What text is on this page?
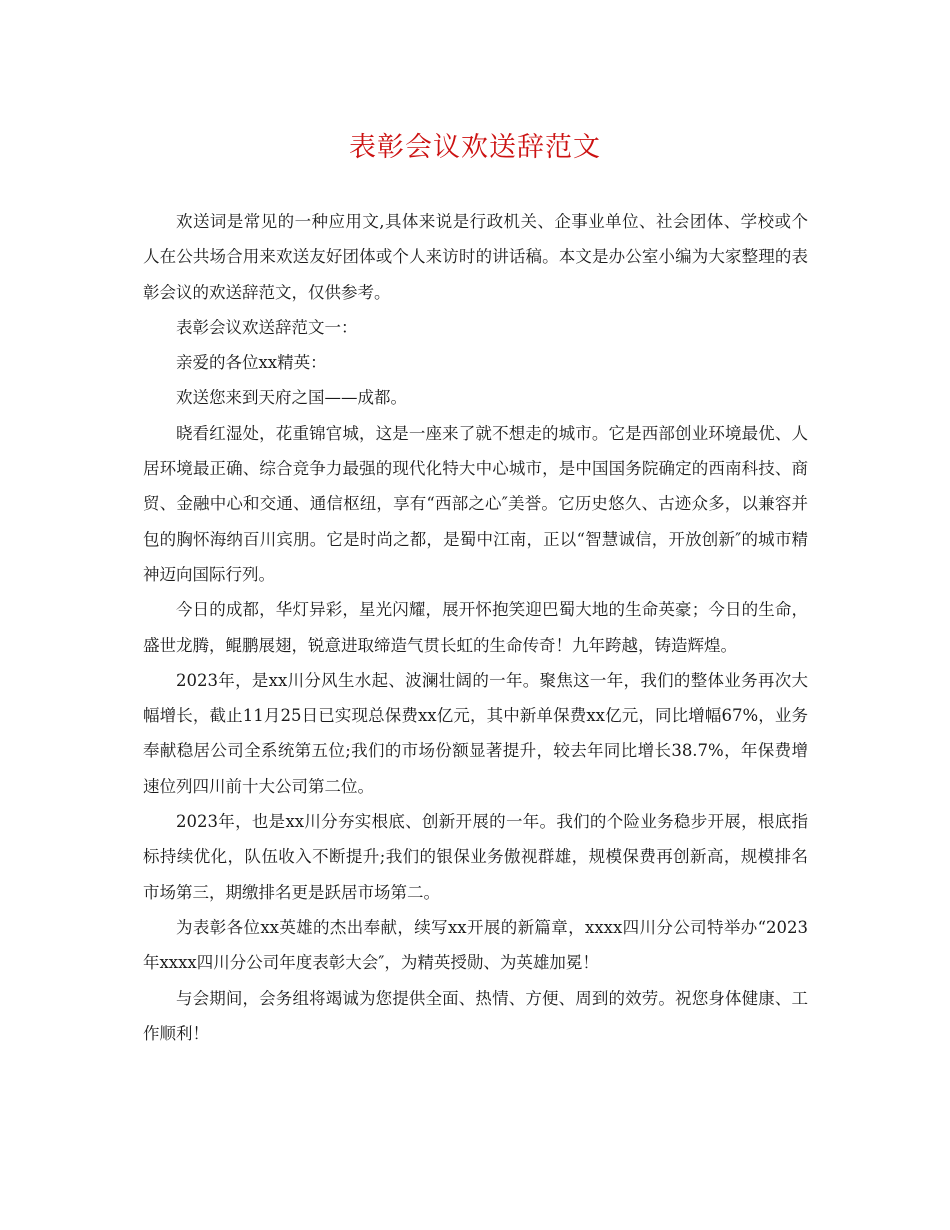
表彰会议欢送辞范文

欢送词是常见的一种应用文,具体来说是行政机关、企事业单位、社会团体、学校或个人在公共场合用来欢送友好团体或个人来访时的讲话稿。本文是办公室小编为大家整理的表彰会议的欢送辞范文，仅供参考。

表彰会议欢送辞范文一：

亲爱的各位xx精英：

欢送您来到天府之国——成都。

晓看红湿处，花重锦官城，这是一座来了就不想走的城市。它是西部创业环境最优、人居环境最正确、综合竞争力最强的现代化特大中心城市，是中国国务院确定的西南科技、商贸、金融中心和交通、通信枢纽，享有“西部之心″美誉。它历史悠久、古迹众多，以兼容并包的胸怀海纳百川宾朋。它是时尚之都，是蜀中江南，正以“智慧诚信，开放创新″的城市精神迈向国际行列。

今日的成都，华灯异彩，星光闪耀，展开怀抱笑迎巴蜀大地的生命英豪；今日的生命，盛世龙腾，鲲鹏展翅，锐意进取缔造气贯长虹的生命传奇！九年跨越，铸造辉煌。

2023年，是xx川分风生水起、波澜壮阔的一年。聚焦这一年，我们的整体业务再次大幅增长，截止11月25日已实现总保费xx亿元，其中新单保费xx亿元，同比增幅67%，业务奉献稳居公司全系统第五位;我们的市场份额显著提升，较去年同比增长38.7%，年保费增速位列四川前十大公司第二位。

2023年，也是xx川分夯实根底、创新开展的一年。我们的个险业务稳步开展，根底指标持续优化，队伍收入不断提升;我们的银保业务傲视群雄，规模保费再创新高，规模排名市场第三，期缴排名更是跃居市场第二。

为表彰各位xx英雄的杰出奉献，续写xx开展的新篇章，xxxx四川分公司特举办“2023年xxxx四川分公司年度表彰大会″，为精英授勋、为英雄加冕！

与会期间，会务组将竭诚为您提供全面、热情、方便、周到的效劳。祝您身体健康、工作顺利！
